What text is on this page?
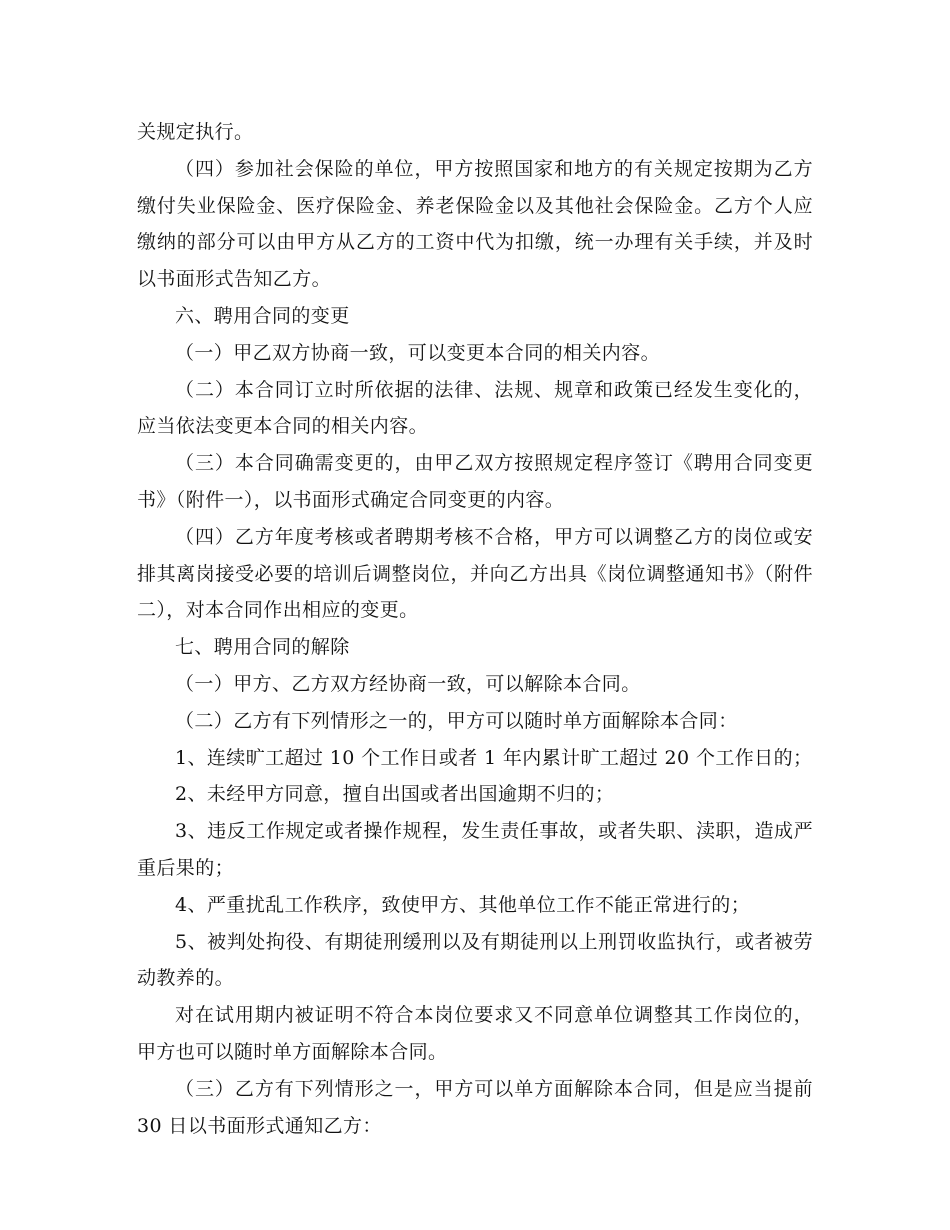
关规定执行。

（四）参加社会保险的单位，甲方按照国家和地方的有关规定按期为乙方缴付失业保险金、医疗保险金、养老保险金以及其他社会保险金。乙方个人应缴纳的部分可以由甲方从乙方的工资中代为扣缴，统一办理有关手续，并及时以书面形式告知乙方。

六、聘用合同的变更

（一）甲乙双方协商一致，可以变更本合同的相关内容。

（二）本合同订立时所依据的法律、法规、规章和政策已经发生变化的，应当依法变更本合同的相关内容。

（三）本合同确需变更的，由甲乙双方按照规定程序签订《聘用合同变更书》（附件一），以书面形式确定合同变更的内容。

（四）乙方年度考核或者聘期考核不合格，甲方可以调整乙方的岗位或安排其离岗接受必要的培训后调整岗位，并向乙方出具《岗位调整通知书》（附件二），对本合同作出相应的变更。

七、聘用合同的解除

（一）甲方、乙方双方经协商一致，可以解除本合同。

（二）乙方有下列情形之一的，甲方可以随时单方面解除本合同：

1、连续旷工超过 10 个工作日或者 1 年内累计旷工超过 20 个工作日的；

2、未经甲方同意，擅自出国或者出国逾期不归的；

3、违反工作规定或者操作规程，发生责任事故，或者失职、渎职，造成严重后果的；

4、严重扰乱工作秩序，致使甲方、其他单位工作不能正常进行的；

5、被判处拘役、有期徒刑缓刑以及有期徒刑以上刑罚收监执行，或者被劳动教养的。

对在试用期内被证明不符合本岗位要求又不同意单位调整其工作岗位的，甲方也可以随时单方面解除本合同。

（三）乙方有下列情形之一，甲方可以单方面解除本合同，但是应当提前 30 日以书面形式通知乙方：
